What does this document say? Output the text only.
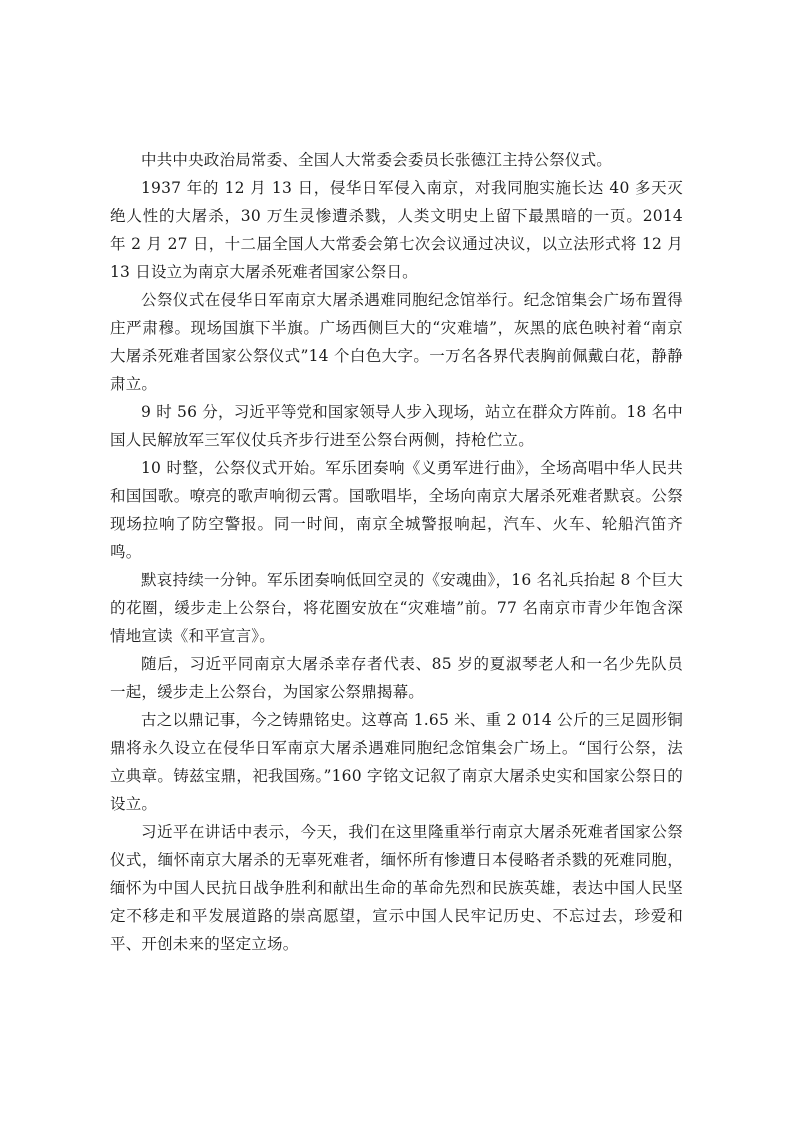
中共中央政治局常委、全国人大常委会委员长张德江主持公祭仪式。

1937 年的 12 月 13 日，侵华日军侵入南京，对我同胞实施长达 40 多天灭绝人性的大屠杀，30 万生灵惨遭杀戮，人类文明史上留下最黑暗的一页。2014 年 2 月 27 日，十二届全国人大常委会第七次会议通过决议，以立法形式将 12 月 13 日设立为南京大屠杀死难者国家公祭日。

公祭仪式在侵华日军南京大屠杀遇难同胞纪念馆举行。纪念馆集会广场布置得庄严肃穆。现场国旗下半旗。广场西侧巨大的“灾难墙”，灰黑的底色映衬着“南京大屠杀死难者国家公祭仪式”14 个白色大字。一万名各界代表胸前佩戴白花，静静肃立。

9 时 56 分，习近平等党和国家领导人步入现场，站立在群众方阵前。18 名中国人民解放军三军仪仗兵齐步行进至公祭台两侧，持枪伫立。

10 时整，公祭仪式开始。军乐团奏响《义勇军进行曲》，全场高唱中华人民共和国国歌。嘹亮的歌声响彻云霄。国歌唱毕，全场向南京大屠杀死难者默哀。公祭现场拉响了防空警报。同一时间，南京全城警报响起，汽车、火车、轮船汽笛齐鸣。

默哀持续一分钟。军乐团奏响低回空灵的《安魂曲》，16 名礼兵抬起 8 个巨大的花圈，缓步走上公祭台，将花圈安放在“灾难墙”前。77 名南京市青少年饱含深情地宣读《和平宣言》。

随后，习近平同南京大屠杀幸存者代表、85 岁的夏淑琴老人和一名少先队员一起，缓步走上公祭台，为国家公祭鼎揭幕。

古之以鼎记事，今之铸鼎铭史。这尊高 1.65 米、重 2 014 公斤的三足圆形铜鼎将永久设立在侵华日军南京大屠杀遇难同胞纪念馆集会广场上。“国行公祭，法立典章。铸兹宝鼎，祀我国殇。”160 字铭文记叙了南京大屠杀史实和国家公祭日的设立。

习近平在讲话中表示，今天，我们在这里隆重举行南京大屠杀死难者国家公祭仪式，缅怀南京大屠杀的无辜死难者，缅怀所有惨遭日本侵略者杀戮的死难同胞，缅怀为中国人民抗日战争胜利和献出生命的革命先烈和民族英雄，表达中国人民坚定不移走和平发展道路的崇高愿望，宣示中国人民牢记历史、不忘过去，珍爱和平、开创未来的坚定立场。
